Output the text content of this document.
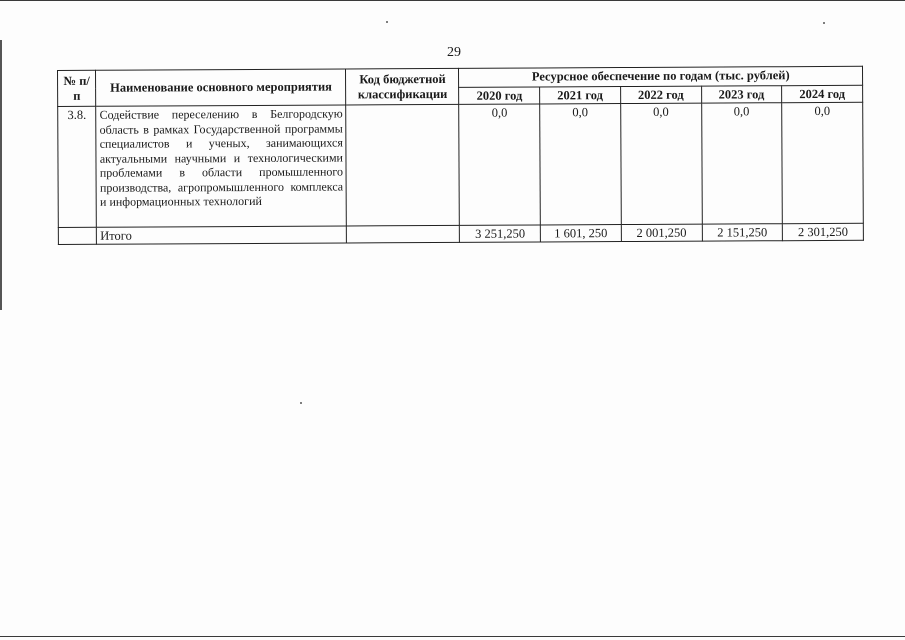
29
№ п/п	Наименование основного мероприятия	Код бюджетной классификации	Ресурсное обеспечение по годам (тыс. рублей)				
			2020 год	2021 год	2022 год	2023 год	2024 год
3.8.	Содействие переселению в Белгородскую область в рамках Государственной программы специалистов и ученых, занимающихся актуальными научными и технологическими проблемами в области промышленного производства, агропромышленного комплекса и информационных технологий		0,0	0,0	0,0	0,0	0,0
	Итого		3 251,250	1 601, 250	2 001,250	2 151,250	2 301,250
